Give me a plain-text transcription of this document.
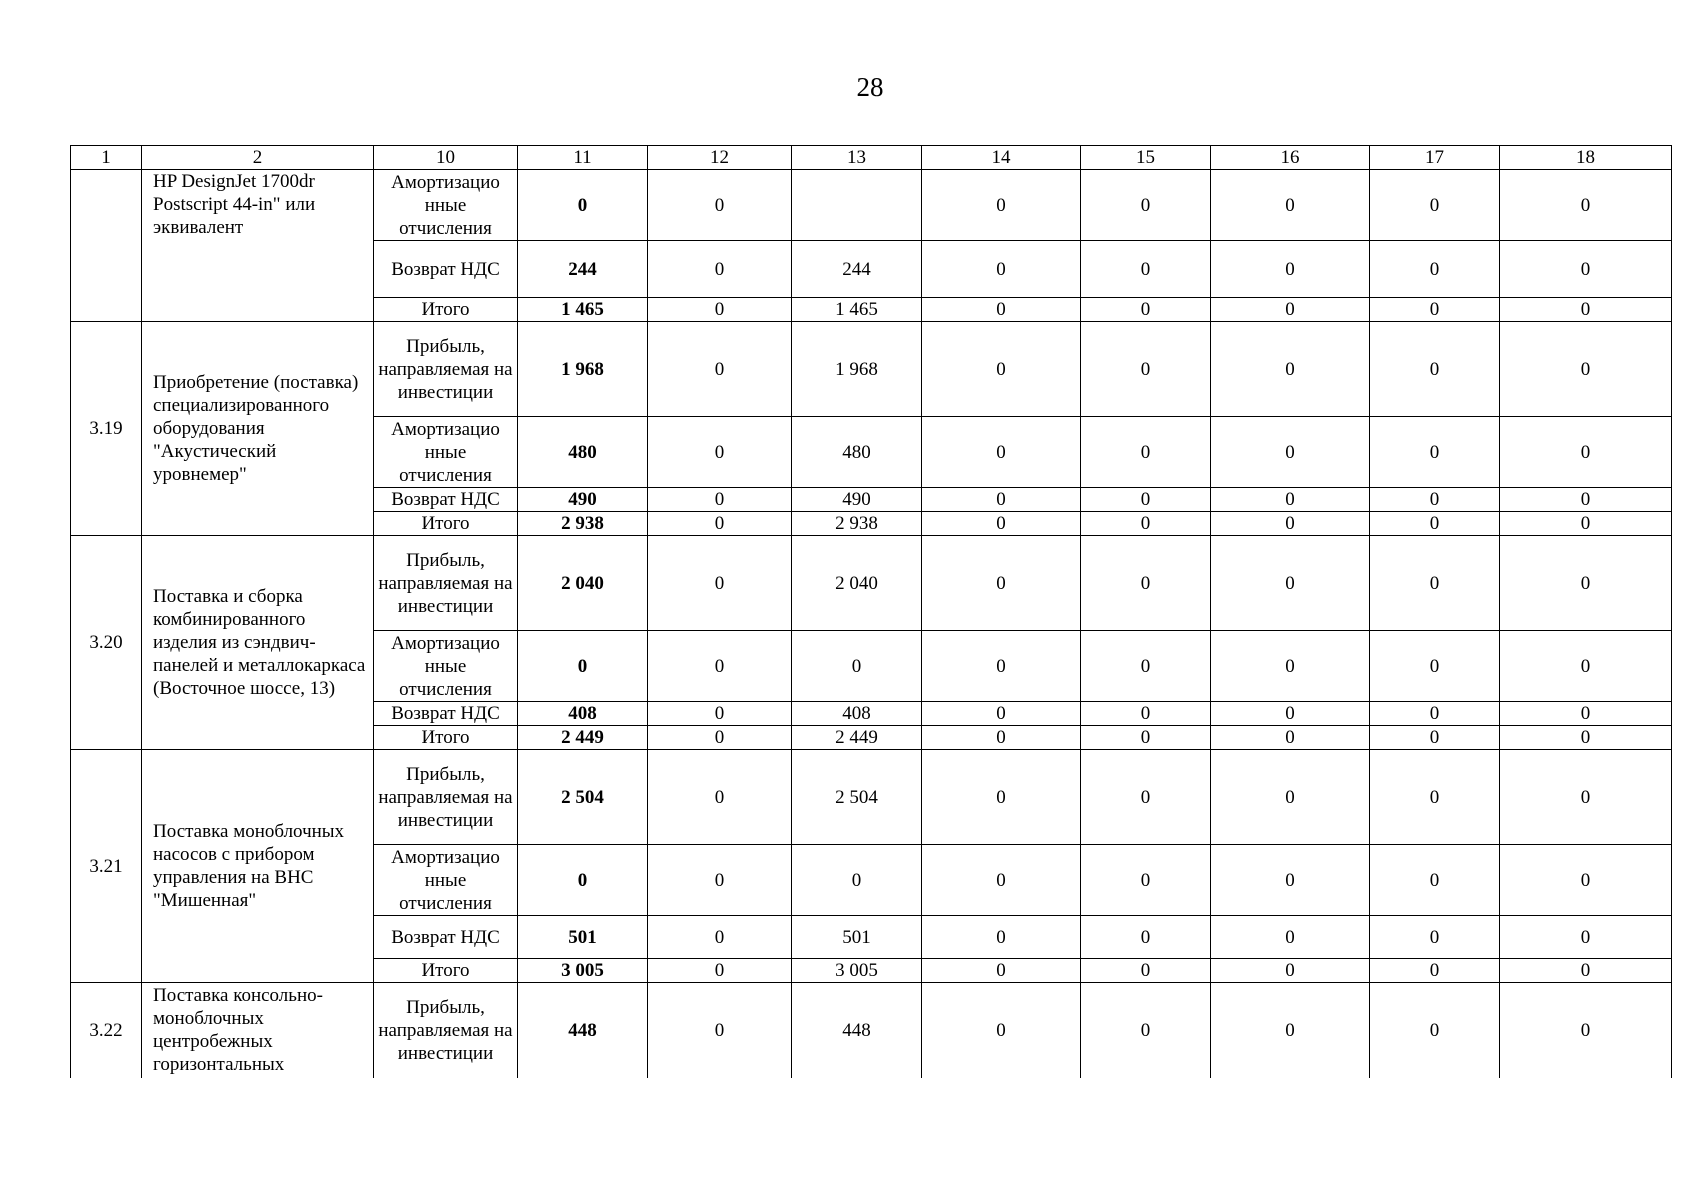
28
1	2	10	11	12	13	14	15	16	17	18
	HP DesignJet 1700dr Postscript 44-in" или эквивалент	Амортизацио нные отчисления	0	0		0	0	0	0	0
		Возврат НДС	244	0	244	0	0	0	0	0
		Итого	1 465	0	1 465	0	0	0	0	0
3.19	Приобретение (поставка) специализированного оборудования "Акустический уровнемер"	Прибыль, направляемая на инвестиции	1 968	0	1 968	0	0	0	0	0
		Амортизацио нные отчисления	480	0	480	0	0	0	0	0
		Возврат НДС	490	0	490	0	0	0	0	0
		Итого	2 938	0	2 938	0	0	0	0	0
3.20	Поставка и сборка комбинированного изделия из сэндвич-панелей и металлокаркаса (Восточное шоссе, 13)	Прибыль, направляемая на инвестиции	2 040	0	2 040	0	0	0	0	0
		Амортизацио нные отчисления	0	0	0	0	0	0	0	0
		Возврат НДС	408	0	408	0	0	0	0	0
		Итого	2 449	0	2 449	0	0	0	0	0
3.21	Поставка моноблочных насосов с прибором управления на ВНС "Мишенная"	Прибыль, направляемая на инвестиции	2 504	0	2 504	0	0	0	0	0
		Амортизацио нные отчисления	0	0	0	0	0	0	0	0
		Возврат НДС	501	0	501	0	0	0	0	0
		Итого	3 005	0	3 005	0	0	0	0	0
3.22	Поставка консольно-моноблочных центробежных горизонтальных	Прибыль, направляемая на инвестиции	448	0	448	0	0	0	0	0
